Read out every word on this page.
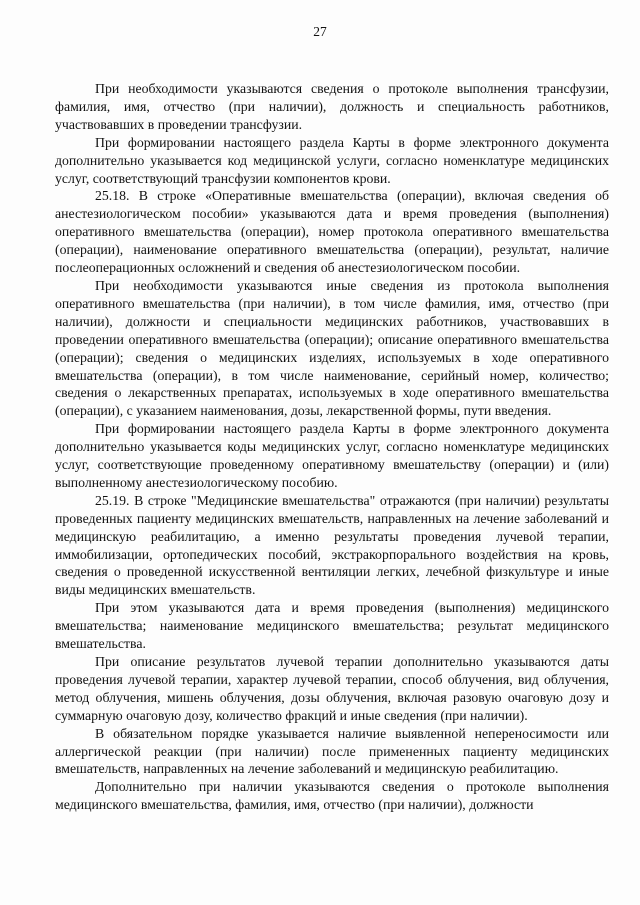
27

При необходимости указываются сведения о протоколе выполнения трансфузии, фамилия, имя, отчество (при наличии), должность и специальность работников, участвовавших в проведении трансфузии.

При формировании настоящего раздела Карты в форме электронного документа дополнительно указывается код медицинской услуги, согласно номенклатуре медицинских услуг, соответствующий трансфузии компонентов крови.

25.18. В строке «Оперативные вмешательства (операции), включая сведения об анестезиологическом пособии» указываются дата и время проведения (выполнения) оперативного вмешательства (операции), номер протокола оперативного вмешательства (операции), наименование оперативного вмешательства (операции), результат, наличие послеоперационных осложнений и сведения об анестезиологическом пособии.

При необходимости указываются иные сведения из протокола выполнения оперативного вмешательства (при наличии), в том числе фамилия, имя, отчество (при наличии), должности и специальности медицинских работников, участвовавших в проведении оперативного вмешательства (операции); описание оперативного вмешательства (операции); сведения о медицинских изделиях, используемых в ходе оперативного вмешательства (операции), в том числе наименование, серийный номер, количество; сведения о лекарственных препаратах, используемых в ходе оперативного вмешательства (операции), с указанием наименования, дозы, лекарственной формы, пути введения.

При формировании настоящего раздела Карты в форме электронного документа дополнительно указывается коды медицинских услуг, согласно номенклатуре медицинских услуг, соответствующие проведенному оперативному вмешательству (операции) и (или) выполненному анестезиологическому пособию.

25.19. В строке "Медицинские вмешательства" отражаются (при наличии) результаты проведенных пациенту медицинских вмешательств, направленных на лечение заболеваний и медицинскую реабилитацию, а именно результаты проведения лучевой терапии, иммобилизации, ортопедических пособий, экстракорпорального воздействия на кровь, сведения о проведенной искусственной вентиляции легких, лечебной физкультуре и иные виды медицинских вмешательств.

При этом указываются дата и время проведения (выполнения) медицинского вмешательства; наименование медицинского вмешательства; результат медицинского вмешательства.

При описание результатов лучевой терапии дополнительно указываются даты проведения лучевой терапии, характер лучевой терапии, способ облучения, вид облучения, метод облучения, мишень облучения, дозы облучения, включая разовую очаговую дозу и суммарную очаговую дозу, количество фракций и иные сведения (при наличии).

В обязательном порядке указывается наличие выявленной непереносимости или аллергической реакции (при наличии) после примененных пациенту медицинских вмешательств, направленных на лечение заболеваний и медицинскую реабилитацию.

Дополнительно при наличии указываются сведения о протоколе выполнения медицинского вмешательства, фамилия, имя, отчество (при наличии), должности
